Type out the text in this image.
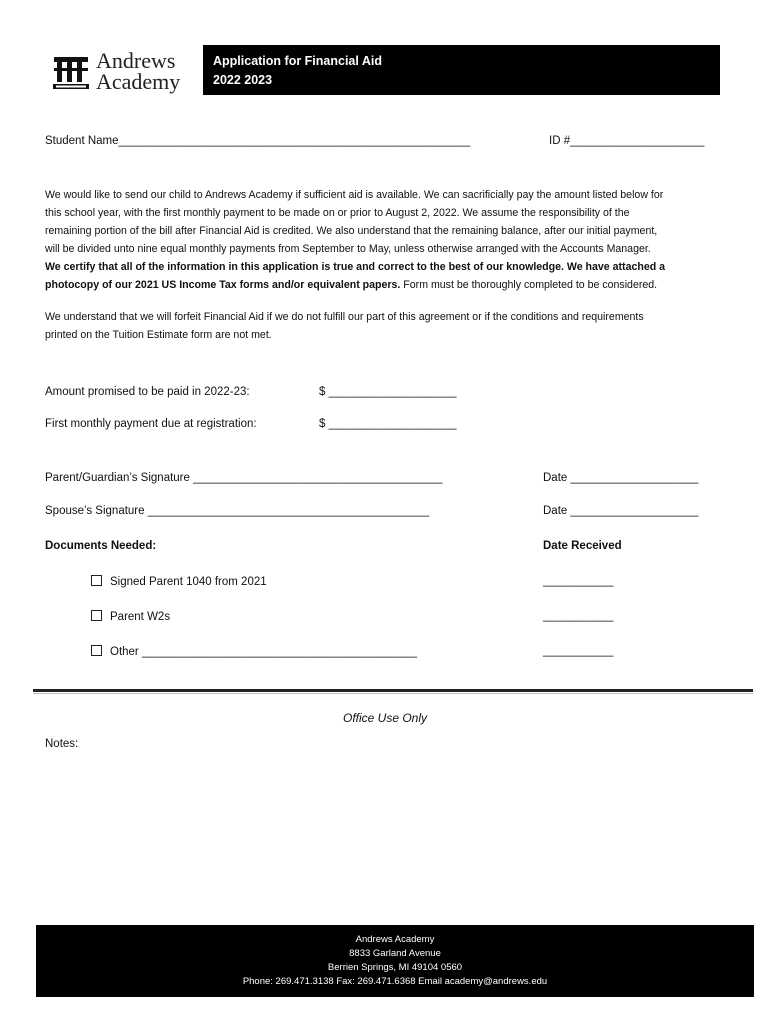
Andrews
Academy
Application for Financial Aid
2022 2023
Student Name_______________________________________________________	ID #_____________________
We would like to send our child to Andrews Academy if sufficient aid is available. We can sacrificially pay the amount listed below for
this school year, with the first monthly payment to be made on or prior to August 2, 2022. We assume the responsibility of the
remaining portion of the bill after Financial Aid is credited. We also understand that the remaining balance, after our initial payment,
will be divided unto nine equal monthly payments from September to May, unless otherwise arranged with the Accounts Manager.
We certify that all of the information in this application is true and correct to the best of our knowledge. We have attached a
photocopy of our 2021 US Income Tax forms and/or equivalent papers. Form must be thoroughly completed to be considered.
We understand that we will forfeit Financial Aid if we do not fulfill our part of this agreement or if the conditions and requirements
printed on the Tuition Estimate form are not met.
Amount promised to be paid in 2022-23:	$ ____________________
First monthly payment due at registration:	$ ____________________
Parent/Guardian’s Signature _______________________________________	Date ____________________
Spouse’s Signature ____________________________________________	Date ____________________
Documents Needed:	Date Received
Signed Parent 1040 from 2021	___________
Parent W2s	___________
Other ___________________________________________	___________
Office Use Only
Notes:
Andrews Academy
8833 Garland Avenue
Berrien Springs, MI 49104 0560
Phone: 269.471.3138 Fax: 269.471.6368 Email academy@andrews.edu
